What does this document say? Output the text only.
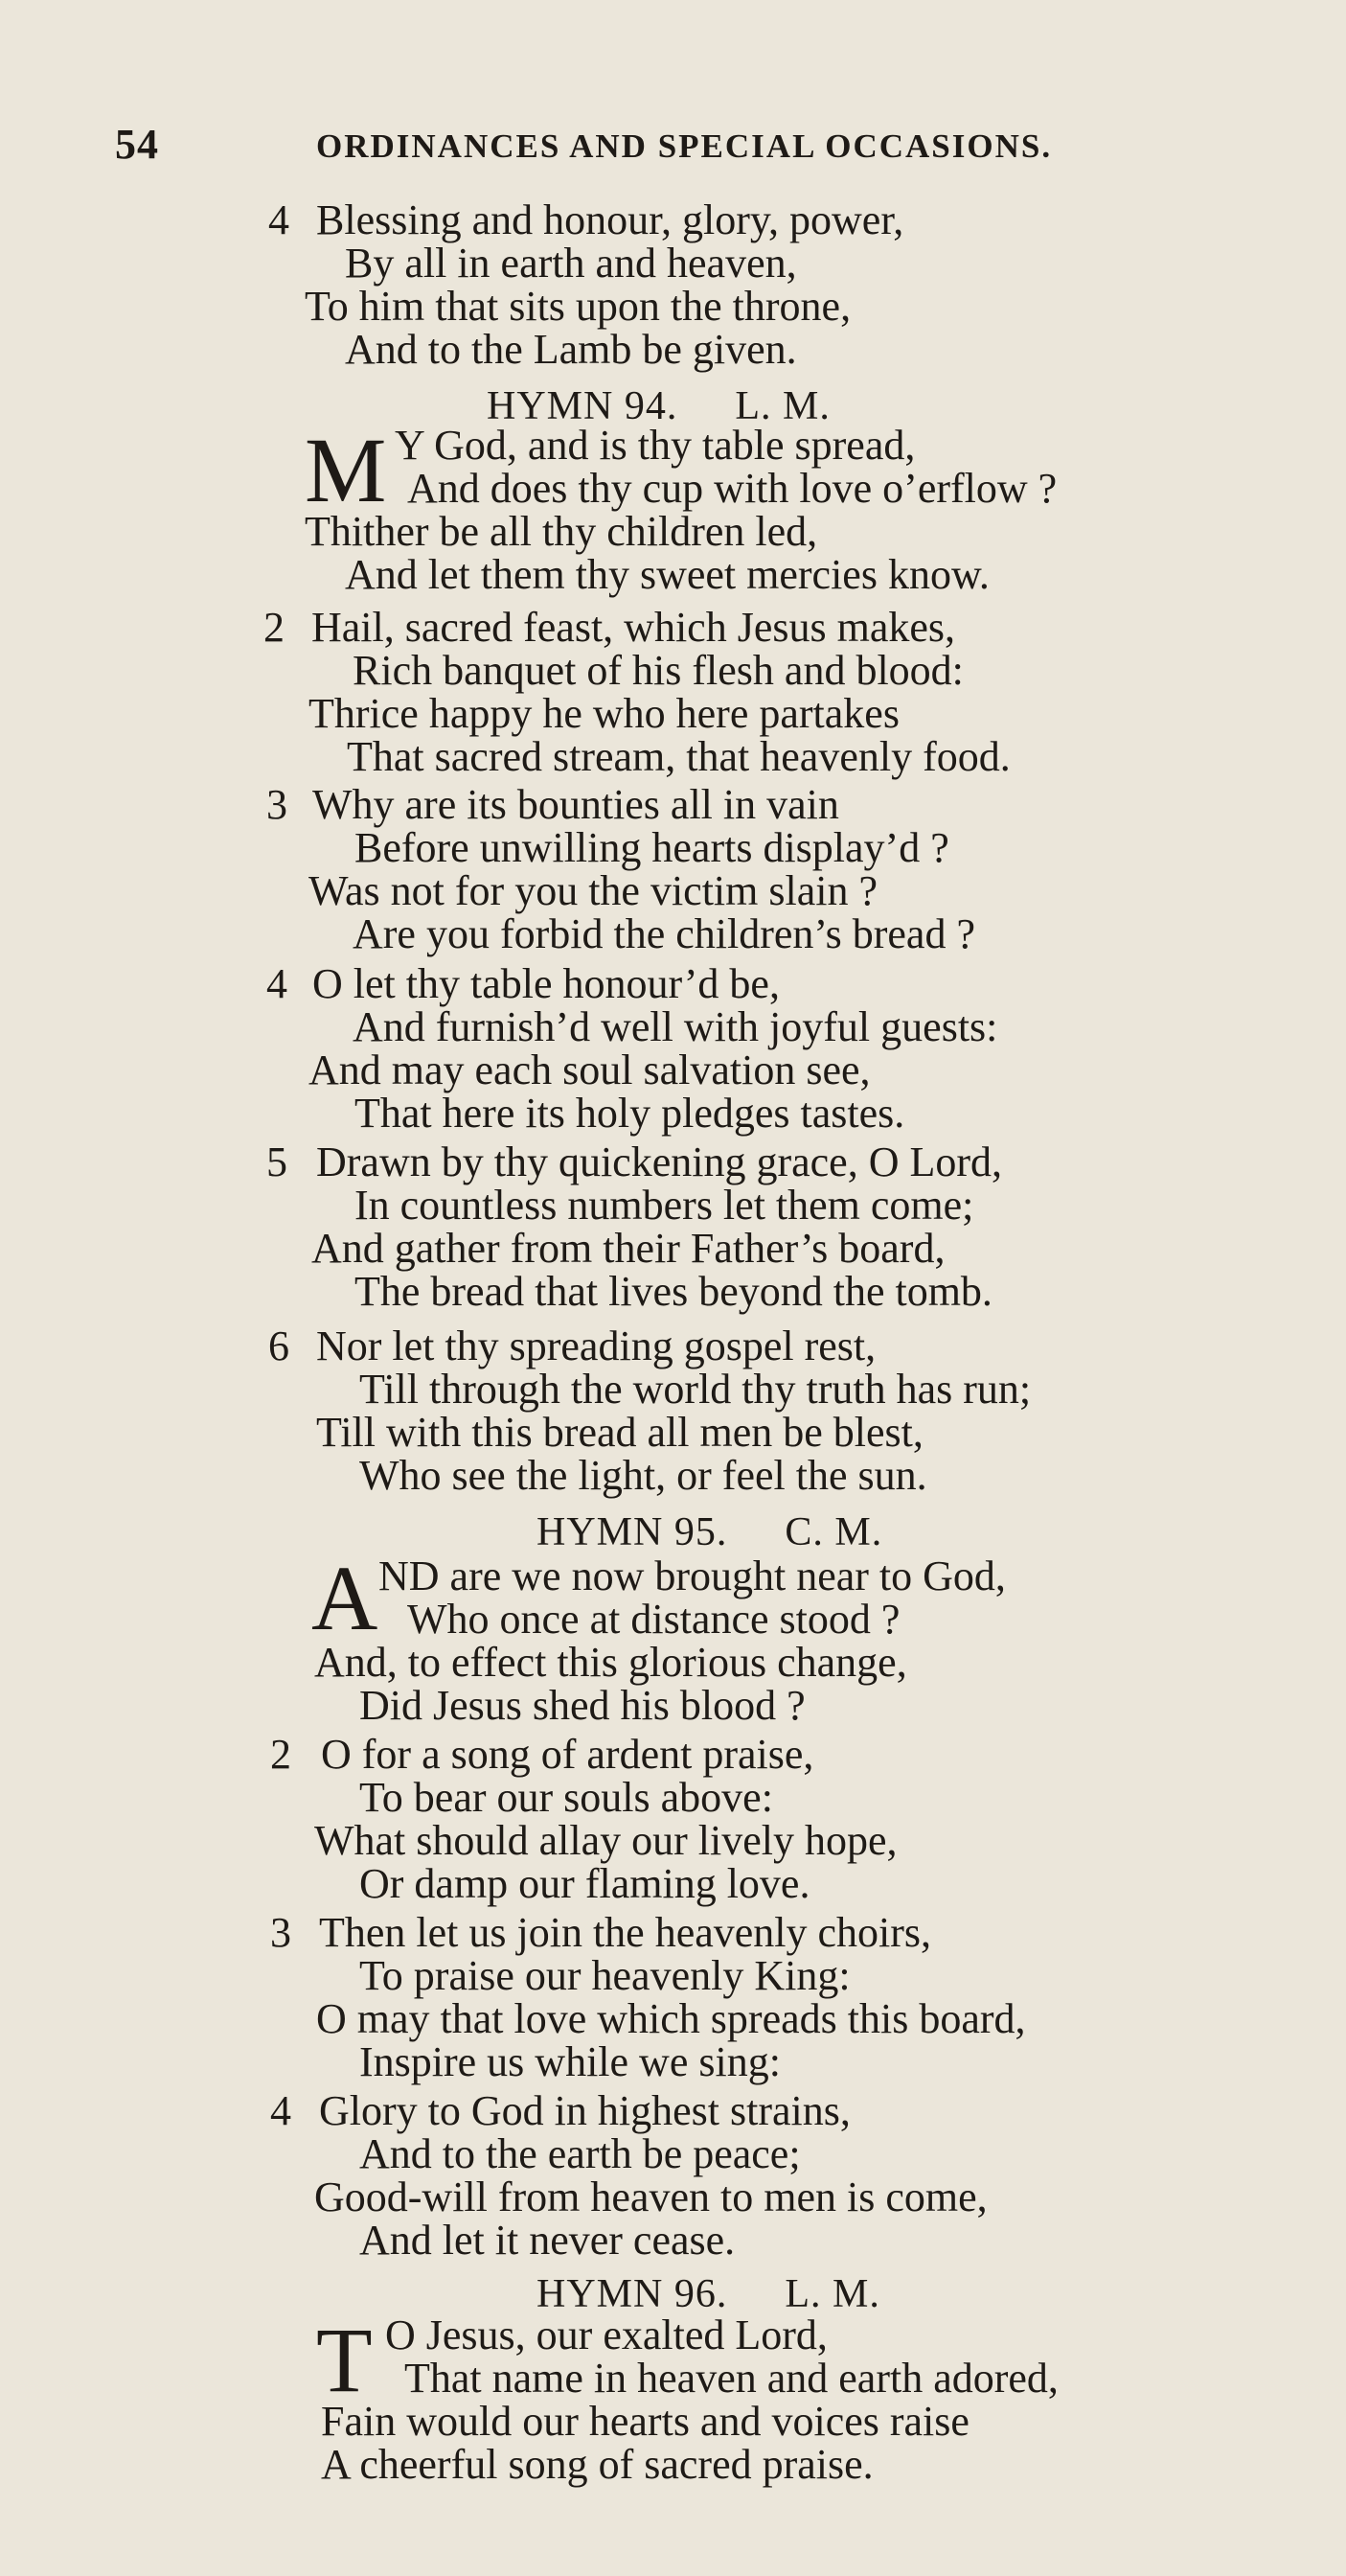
54	ORDINANCES AND SPECIAL OCCASIONS.
4 Blessing and honour, glory, power,
By all in earth and heaven,
To him that sits upon the throne,
And to the Lamb be given.
HYMN 94. L. M.
M Y God, and is thy table spread,
And does thy cup with love o’erflow ?
Thither be all thy children led,
And let them thy sweet mercies know.
2 Hail, sacred feast, which Jesus makes,
Rich banquet of his flesh and blood:
Thrice happy he who here partakes
That sacred stream, that heavenly food.
3 Why are its bounties all in vain
Before unwilling hearts display’d ?
Was not for you the victim slain ?
Are you forbid the children’s bread ?
4 O let thy table honour’d be,
And furnish’d well with joyful guests:
And may each soul salvation see,
That here its holy pledges tastes.
5 Drawn by thy quickening grace, O Lord,
In countless numbers let them come;
And gather from their Father’s board,
The bread that lives beyond the tomb.
6 Nor let thy spreading gospel rest,
Till through the world thy truth has run;
Till with this bread all men be blest,
Who see the light, or feel the sun.
HYMN 95. C. M.
A ND are we now brought near to God,
Who once at distance stood ?
And, to effect this glorious change,
Did Jesus shed his blood ?
2 O for a song of ardent praise,
To bear our souls above:
What should allay our lively hope,
Or damp our flaming love.
3 Then let us join the heavenly choirs,
To praise our heavenly King:
O may that love which spreads this board,
Inspire us while we sing:
4 Glory to God in highest strains,
And to the earth be peace;
Good-will from heaven to men is come,
And let it never cease.
HYMN 96. L. M.
T O Jesus, our exalted Lord,
That name in heaven and earth adored,
Fain would our hearts and voices raise
A cheerful song of sacred praise.
